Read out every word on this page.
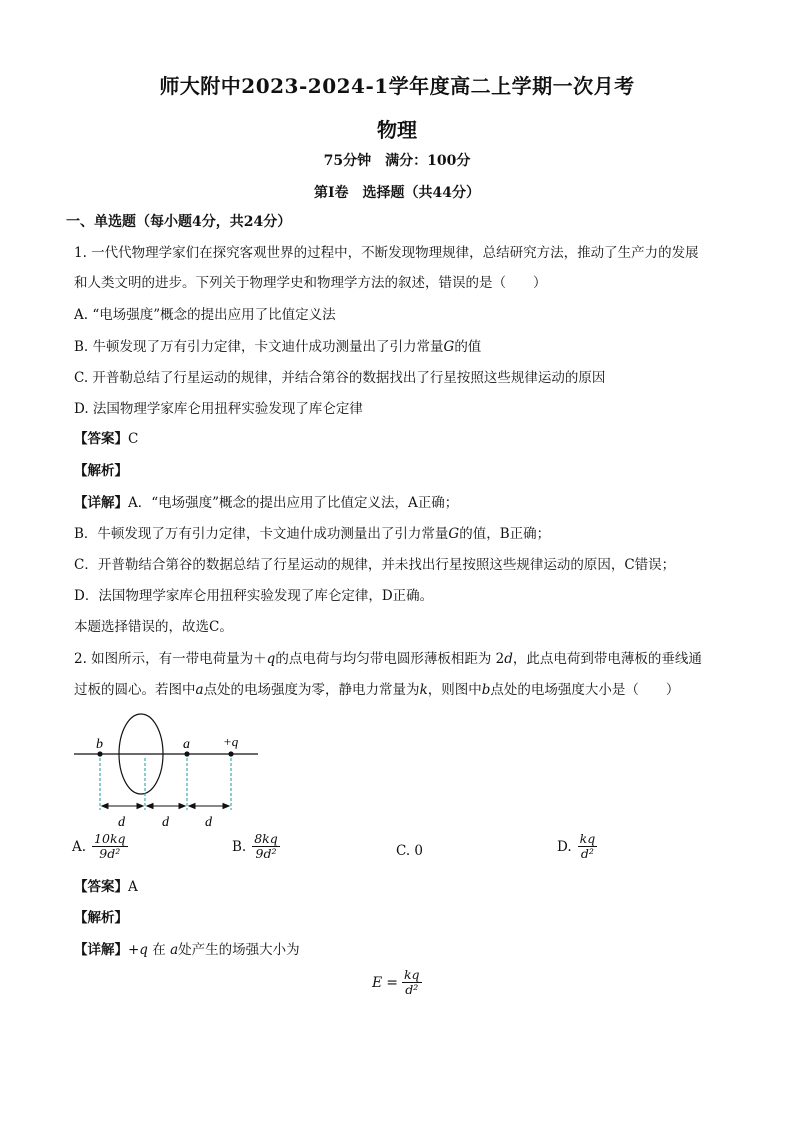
师大附中2023-2024-1学年度高二上学期一次月考
物理
75分钟　满分：100分
第Ⅰ卷　选择题（共44分）
一、单选题（每小题4分，共24分）
1. 一代代物理学家们在探究客观世界的过程中，不断发现物理规律，总结研究方法，推动了生产力的发展
和人类文明的进步。下列关于物理学史和物理学方法的叙述，错误的是（　　）
A. “电场强度”概念的提出应用了比值定义法
B. 牛顿发现了万有引力定律，卡文迪什成功测量出了引力常量G的值
C. 开普勒总结了行星运动的规律，并结合第谷的数据找出了行星按照这些规律运动的原因
D. 法国物理学家库仑用扭秤实验发现了库仑定律
【答案】C
【解析】
【详解】A．“电场强度”概念的提出应用了比值定义法，A正确；
B．牛顿发现了万有引力定律，卡文迪什成功测量出了引力常量G的值，B正确；
C．开普勒结合第谷的数据总结了行星运动的规律，并未找出行星按照这些规律运动的原因，C错误；
D．法国物理学家库仑用扭秤实验发现了库仑定律，D正确。
本题选择错误的，故选C。
2. 如图所示，有一带电荷量为＋q的点电荷与均匀带电圆形薄板相距为 2d，此点电荷到带电薄板的垂线通
过板的圆心。若图中a点处的电场强度为零，静电力常量为k，则图中b点处的电场强度大小是（　　）
b	a	+q
d	d	d
A. $\frac{10kq}{\text{9d²}}$	B. $\frac{8kq}{\text{9d²}}$	C. 0	D. $\frac{kq}{\text{d²}}$
【答案】A
【解析】
【详解】+q 在 a处产生的场强大小为
$E = \frac{kq}{\text{d²}}$
